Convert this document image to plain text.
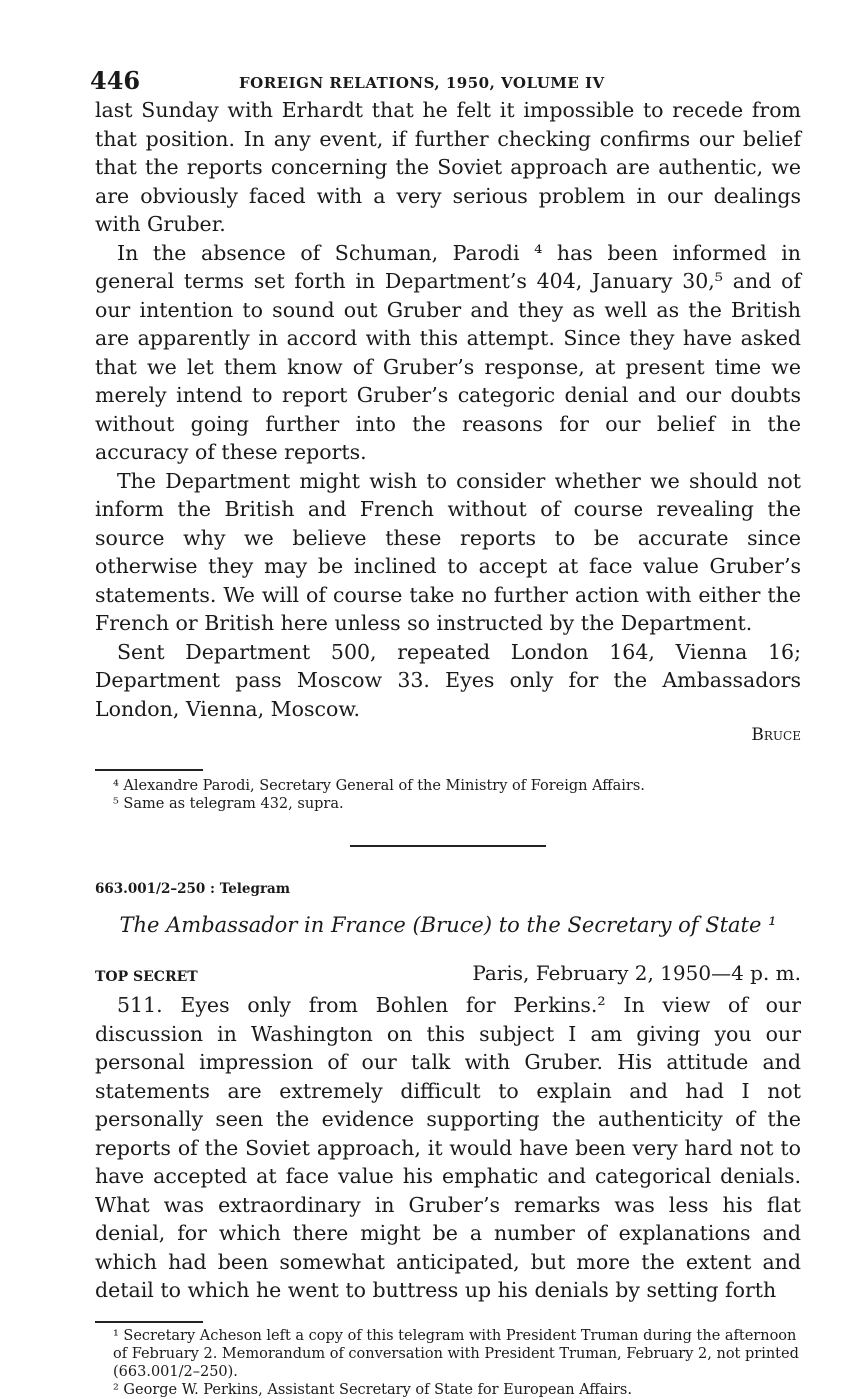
446	FOREIGN RELATIONS, 1950, VOLUME IV

last Sunday with Erhardt that he felt it impossible to recede from that position. In any event, if further checking confirms our belief that the reports concerning the Soviet approach are authentic, we are obviously faced with a very serious problem in our dealings with Gruber.

In the absence of Schuman, Parodi ⁴ has been informed in general terms set forth in Department’s 404, January 30,⁵ and of our intention to sound out Gruber and they as well as the British are apparently in accord with this attempt. Since they have asked that we let them know of Gruber’s response, at present time we merely intend to report Gruber’s categoric denial and our doubts without going further into the reasons for our belief in the accuracy of these reports.

The Department might wish to consider whether we should not inform the British and French without of course revealing the source why we believe these reports to be accurate since otherwise they may be inclined to accept at face value Gruber’s statements. We will of course take no further action with either the French or British here unless so instructed by the Department.

Sent Department 500, repeated London 164, Vienna 16; Department pass Moscow 33. Eyes only for the Ambassadors London, Vienna, Moscow.

Bruce

⁴ Alexandre Parodi, Secretary General of the Ministry of Foreign Affairs.

⁵ Same as telegram 432, supra.

663.001/2–250 : Telegram

The Ambassador in France (Bruce) to the Secretary of State ¹

TOP SECRET	Paris, February 2, 1950—4 p. m.

511. Eyes only from Bohlen for Perkins.² In view of our discussion in Washington on this subject I am giving you our personal impression of our talk with Gruber. His attitude and statements are extremely difficult to explain and had I not personally seen the evidence supporting the authenticity of the reports of the Soviet approach, it would have been very hard not to have accepted at face value his emphatic and categorical denials. What was extraordinary in Gruber’s remarks was less his flat denial, for which there might be a number of explanations and which had been somewhat anticipated, but more the extent and detail to which he went to buttress up his denials by setting forth

¹ Secretary Acheson left a copy of this telegram with President Truman during the afternoon of February 2. Memorandum of conversation with President Truman, February 2, not printed (663.001/2–250).

² George W. Perkins, Assistant Secretary of State for European Affairs.
